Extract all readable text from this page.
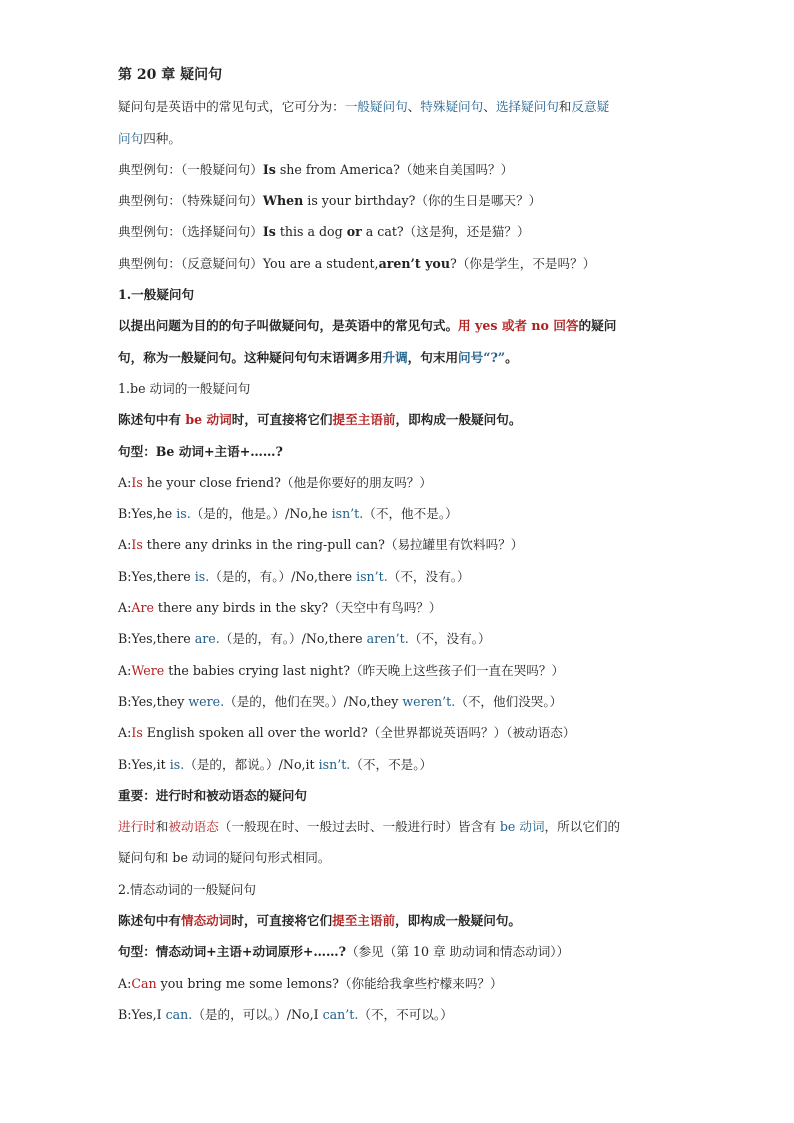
第 20 章 疑问句
疑问句是英语中的常见句式，它可分为：一般疑问句、特殊疑问句、选择疑问句和反意疑
问句四种。
典型例句：（一般疑问句）Is she from America?（她来自美国吗？）
典型例句：（特殊疑问句）When is your birthday?（你的生日是哪天？）
典型例句：（选择疑问句）Is this a dog or a cat?（这是狗，还是猫？）
典型例句：（反意疑问句）You are a student,aren’t you?（你是学生，不是吗？）
1.一般疑问句
以提出问题为目的的句子叫做疑问句，是英语中的常见句式。用 yes 或者 no 回答的疑问
句，称为一般疑问句。这种疑问句句末语调多用升调，句末用问号“?”。
1.be 动词的一般疑问句
陈述句中有 be 动词时，可直接将它们提至主语前，即构成一般疑问句。
句型：Be 动词+主语+……?
A:Is he your close friend?（他是你要好的朋友吗？）
B:Yes,he is.（是的，他是。）/No,he isn’t.（不，他不是。）
A:Is there any drinks in the ring-pull can?（易拉罐里有饮料吗？）
B:Yes,there is.（是的，有。）/No,there isn’t.（不，没有。）
A:Are there any birds in the sky?（天空中有鸟吗？）
B:Yes,there are.（是的，有。）/No,there aren’t.（不，没有。）
A:Were the babies crying last night?（昨天晚上这些孩子们一直在哭吗？）
B:Yes,they were.（是的，他们在哭。）/No,they weren’t.（不，他们没哭。）
A:Is English spoken all over the world?（全世界都说英语吗？）（被动语态）
B:Yes,it is.（是的，都说。）/No,it isn’t.（不，不是。）
重要：进行时和被动语态的疑问句
进行时和被动语态（一般现在时、一般过去时、一般进行时）皆含有 be 动词，所以它们的
疑问句和 be 动词的疑问句形式相同。
2.情态动词的一般疑问句
陈述句中有情态动词时，可直接将它们提至主语前，即构成一般疑问句。
句型：情态动词+主语+动词原形+……?（参见（第 10 章 助动词和情态动词））
A:Can you bring me some lemons?（你能给我拿些柠檬来吗？）
B:Yes,I can.（是的，可以。）/No,I can’t.（不，不可以。）
